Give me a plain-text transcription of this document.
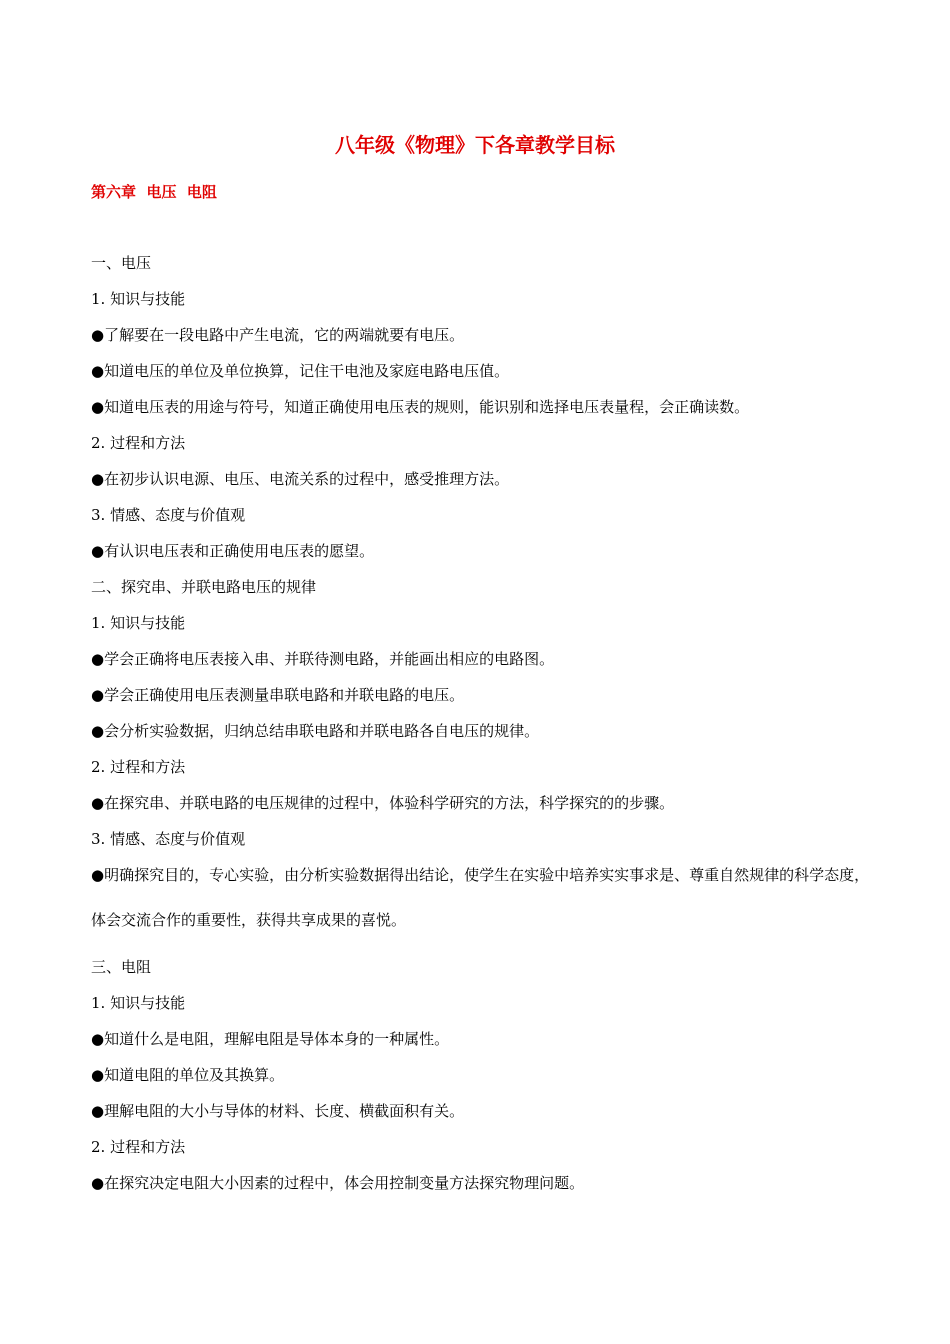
八年级《物理》下各章教学目标
第六章  电压  电阻
一、电压
1. 知识与技能
●了解要在一段电路中产生电流，它的两端就要有电压。
●知道电压的单位及单位换算，记住干电池及家庭电路电压值。
●知道电压表的用途与符号，知道正确使用电压表的规则，能识别和选择电压表量程，会正确读数。
2. 过程和方法
●在初步认识电源、电压、电流关系的过程中，感受推理方法。
3. 情感、态度与价值观
●有认识电压表和正确使用电压表的愿望。
二、探究串、并联电路电压的规律
1. 知识与技能
●学会正确将电压表接入串、并联待测电路，并能画出相应的电路图。
●学会正确使用电压表测量串联电路和并联电路的电压。
●会分析实验数据，归纳总结串联电路和并联电路各自电压的规律。
2. 过程和方法
●在探究串、并联电路的电压规律的过程中，体验科学研究的方法，科学探究的的步骤。
3. 情感、态度与价值观
●明确探究目的，专心实验，由分析实验数据得出结论，使学生在实验中培养实实事求是、尊重自然规律的科学态度，体会交流合作的重要性，获得共享成果的喜悦。
三、电阻
1. 知识与技能
●知道什么是电阻，理解电阻是导体本身的一种属性。
●知道电阻的单位及其换算。
●理解电阻的大小与导体的材料、长度、横截面积有关。
2. 过程和方法
●在探究决定电阻大小因素的过程中，体会用控制变量方法探究物理问题。
